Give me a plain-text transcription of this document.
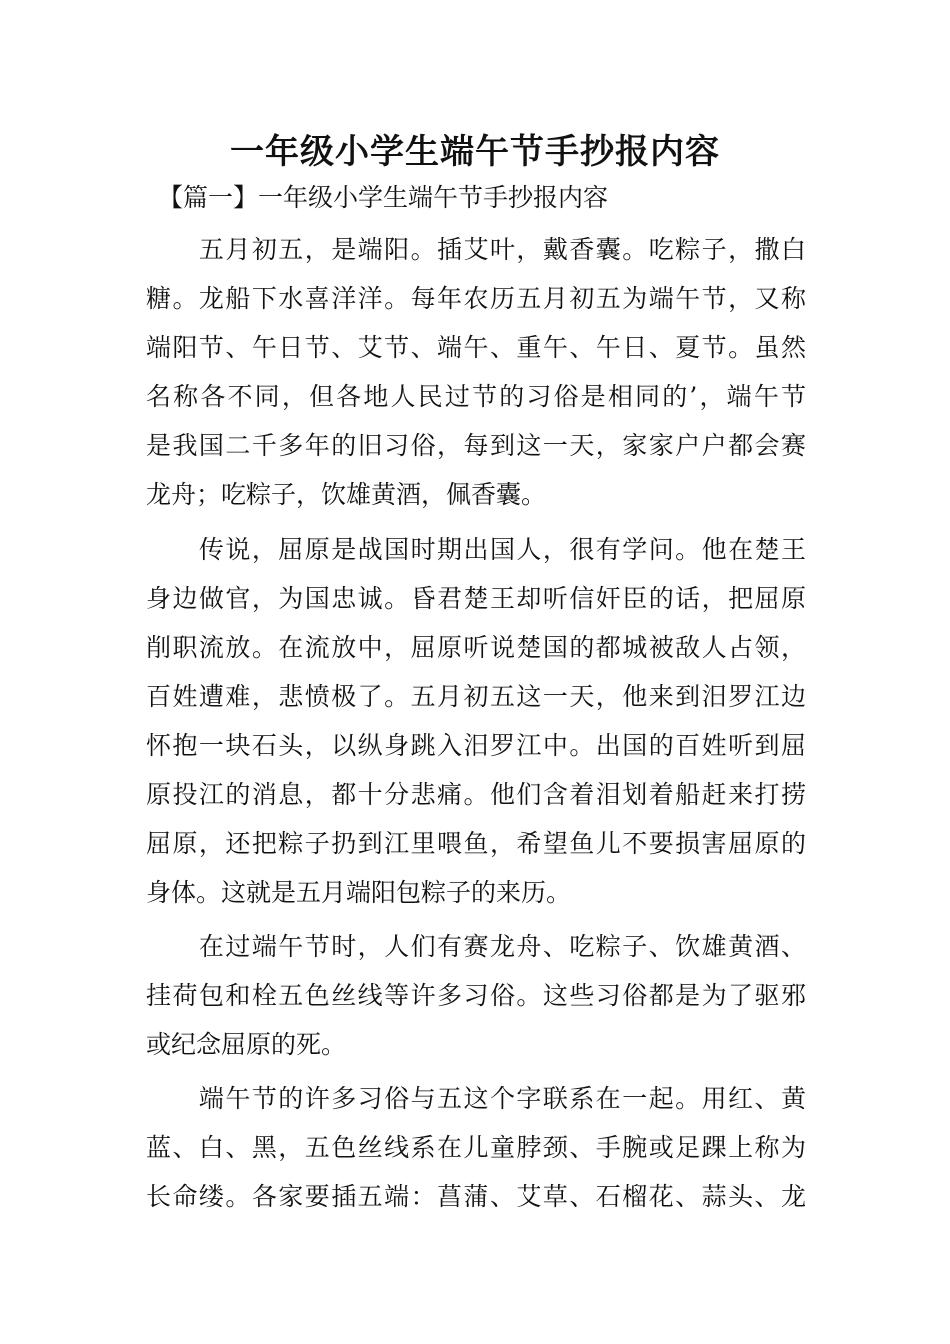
一年级小学生端午节手抄报内容

【篇一】一年级小学生端午节手抄报内容

　　五月初五，是端阳。插艾叶，戴香囊。吃粽子，撒白
糖。龙船下水喜洋洋。每年农历五月初五为端午节，又称
端阳节、午日节、艾节、端午、重午、午日、夏节。虽然
名称各不同，但各地人民过节的习俗是相同的’，端午节
是我国二千多年的旧习俗，每到这一天，家家户户都会赛
龙舟；吃粽子，饮雄黄酒，佩香囊。
　　传说，屈原是战国时期出国人，很有学问。他在楚王
身边做官，为国忠诚。昏君楚王却听信奸臣的话，把屈原
削职流放。在流放中，屈原听说楚国的都城被敌人占领，
百姓遭难，悲愤极了。五月初五这一天，他来到汨罗江边
怀抱一块石头，以纵身跳入汨罗江中。出国的百姓听到屈
原投江的消息，都十分悲痛。他们含着泪划着船赶来打捞
屈原，还把粽子扔到江里喂鱼，希望鱼儿不要损害屈原的
身体。这就是五月端阳包粽子的来历。
　　在过端午节时，人们有赛龙舟、吃粽子、饮雄黄酒、
挂荷包和栓五色丝线等许多习俗。这些习俗都是为了驱邪
或纪念屈原的死。
　　端午节的许多习俗与五这个字联系在一起。用红、黄
蓝、白、黑，五色丝线系在儿童脖颈、手腕或足踝上称为
长命缕。各家要插五端：菖蒲、艾草、石榴花、蒜头、龙
